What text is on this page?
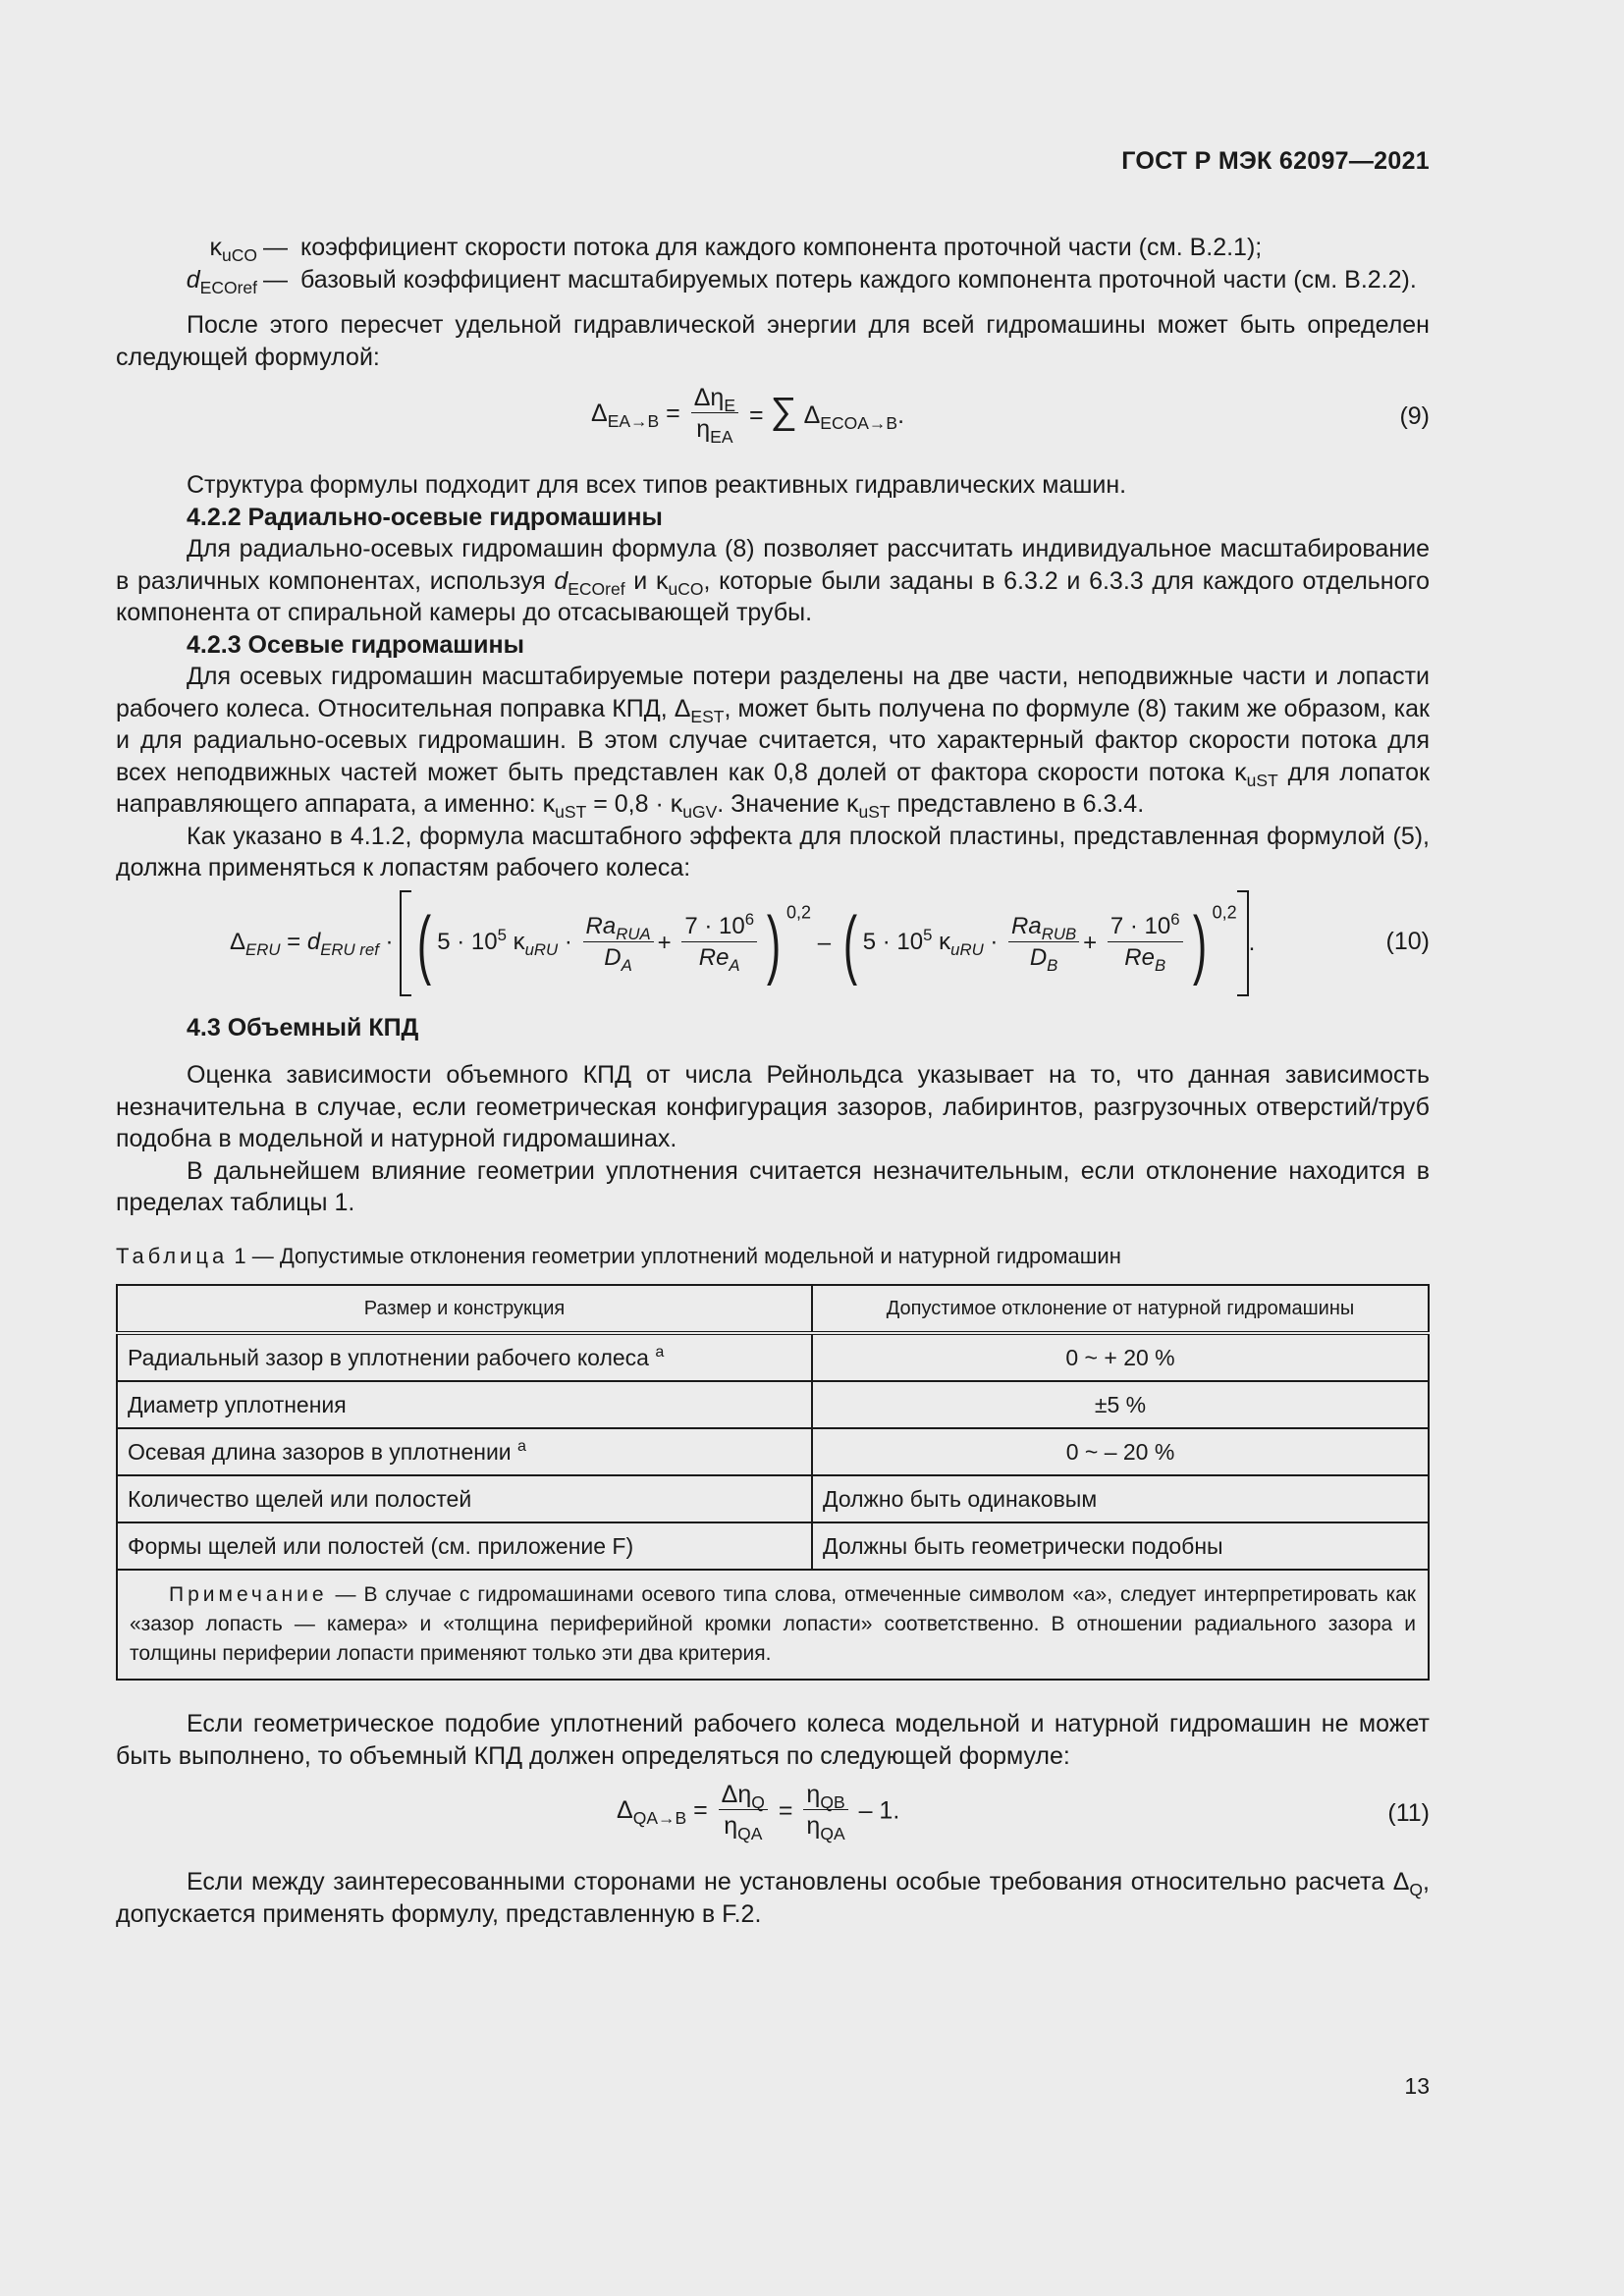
ГОСТ Р МЭК 62097—2021
$\kappa_{uCO}$ — коэффициент скорости потока для каждого компонента проточной части (см. В.2.1);
$d_{ECOref}$ — базовый коэффициент масштабируемых потерь каждого компонента проточной части (см. В.2.2).

После этого пересчет удельной гидравлической энергии для всей гидромашины может быть определен следующей формулой:

$\Delta_{EA\to B} = \frac{\Delta\eta_E}{\eta_{EA}}$ = ∑ $\Delta_{ECOA\to B}$.	(9)

Структура формулы подходит для всех типов реактивных гидравлических машин.

4.2.2 Радиально-осевые гидромашины

Для радиально-осевых гидромашин формула (8) позволяет рассчитать индивидуальное масштабирование в различных компонентах, используя $d_{ECOref}$ и $\kappa_{uCO}$, которые были заданы в 6.3.2 и 6.3.3 для каждого отдельного компонента от спиральной камеры до отсасывающей трубы.

4.2.3 Осевые гидромашины

Для осевых гидромашин масштабируемые потери разделены на две части, неподвижные части и лопасти рабочего колеса. Относительная поправка КПД, $\Delta_{EST}$, может быть получена по формуле (8) таким же образом, как и для радиально-осевых гидромашин. В этом случае считается, что характерный фактор скорости потока для всех неподвижных частей может быть представлен как 0,8 долей от фактора скорости потока $\kappa_{uST}$ для лопаток направляющего аппарата, а именно: $\kappa_{uST} = 0,8 \cdot \kappa_{uGV}$. Значение $\kappa_{uST}$ представлено в 6.3.4.

Как указано в 4.1.2, формула масштабного эффекта для плоской пластины, представленная формулой (5), должна применяться к лопастям рабочего колеса:

$\Delta_{ERU} = d_{ERU ref}$ · ( $5 \cdot 10^5$ $\kappa_{uRU} \cdot \frac{Ra_{RUA}}{D_A} + \frac{7 \cdot 10^6}{Re_A}$ ) $^{0,2}$ – ( $5 \cdot 10^5$ $\kappa_{uRU} \cdot \frac{Ra_{RUB}}{D_B} + \frac{7 \cdot 10^6}{Re_B}$ ) $^{0,2}$.	(10)

4.3 Объемный КПД

Оценка зависимости объемного КПД от числа Рейнольдса указывает на то, что данная зависимость незначительна в случае, если геометрическая конфигурация зазоров, лабиринтов, разгрузочных отверстий/труб подобна в модельной и натурной гидромашинах.

В дальнейшем влияние геометрии уплотнения считается незначительным, если отклонение находится в пределах таблицы 1.

Таблица 1 — Допустимые отклонения геометрии уплотнений модельной и натурной гидромашин
Размер и конструкция	Допустимое отклонение от натурной гидромашины
Радиальный зазор в уплотнении рабочего колеса $^a$	0 ~ + 20 %
Диаметр уплотнения	±5 %
Осевая длина зазоров в уплотнении $^a$	0 ~ – 20 %
Количество щелей или полостей	Должно быть одинаковым
Формы щелей или полостей (см. приложение F)	Должны быть геометрически подобны
Примечание — В случае с гидромашинами осевого типа слова, отмеченные символом «а», следует интерпретировать как «зазор лопасть — камера» и «толщина периферийной кромки лопасти» соответственно. В отношении радиального зазора и толщины периферии лопасти применяют только эти два критерия.	

Если геометрическое подобие уплотнений рабочего колеса модельной и натурной гидромашин не может быть выполнено, то объемный КПД должен определяться по следующей формуле:

$\Delta_{QA\to B} = \frac{\Delta\eta_Q}{\eta_{QA}} = \frac{\eta_{QB}}{\eta_{QA}} - 1$.	(11)

Если между заинтересованными сторонами не установлены особые требования относительно расчета $\Delta_Q$, допускается применять формулу, представленную в F.2.

13
